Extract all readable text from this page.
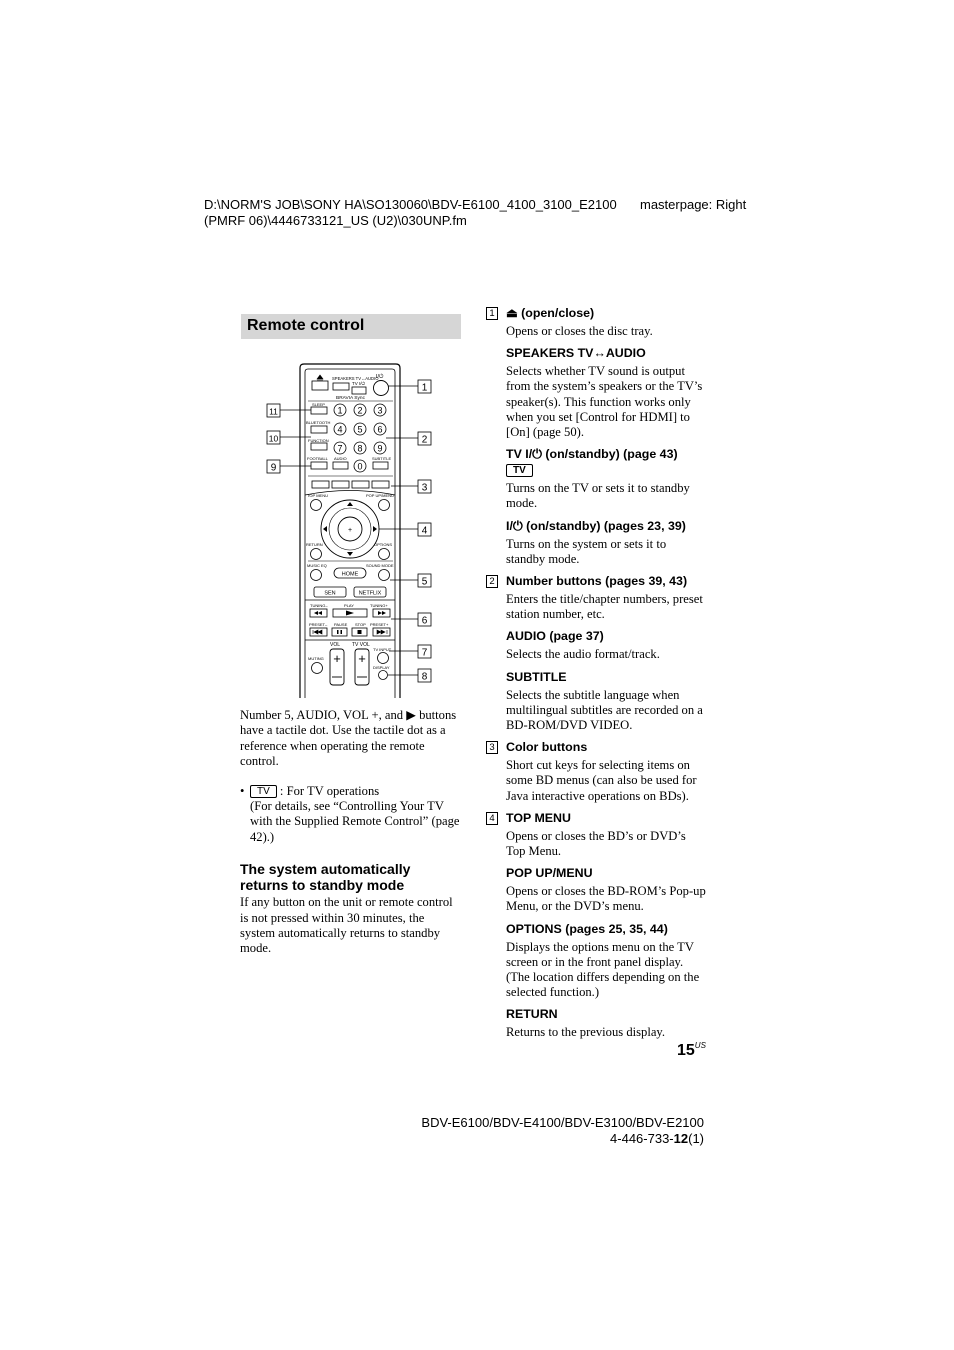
D:\NORM'S JOB\SONY HA\SO130060\BDV-E6100_4100_3100_E2100
(PMRF 06)\4446733121_US (U2)\030UNP.fm
masterpage: Right
Remote control
SPEAKERS TV↔AUDIO
TV I/⏻
I/⏻
BRAVIA Sync
SLEEP
BLUETOOTH
FUNCTION
FOOTBALL
1 2 3
4 5 6
7 8 9
0
AUDIO	SUBTITLE
TOP MENU	POP UP/MENU
+
RETURN	OPTIONS
MUSIC EQ	SOUND MODE
HOME
SEN	NETFLIX
TUNING–	PLAY	TUNING+
PRESET– PAUSE STOP PRESET+
VOL TV VOL
+ +
MUTING
TV INPUT
DISPLAY
1
2
3
4
5
6
7
8
9
10
11

Number 5, AUDIO, VOL +, and ▶ buttons have a tactile dot. Use the tactile dot as a reference when operating the remote control.

• TV : For TV operations
(For details, see “Controlling Your TV with the Supplied Remote Control” (page 42).)

The system automatically returns to standby mode

If any button on the unit or remote control is not pressed within 30 minutes, the system automatically returns to standby mode.

1 ⏏ (open/close)

Opens or closes the disc tray.

SPEAKERS TV↔AUDIO

Selects whether TV sound is output from the system’s speakers or the TV’s speaker(s). This function works only when you set [Control for HDMI] to [On] (page 50).

TV I/⏻ (on/standby) (page 43)

TV

Turns on the TV or sets it to standby mode.

I/⏻ (on/standby) (pages 23, 39)

Turns on the system or sets it to standby mode.

2 Number buttons (pages 39, 43)

Enters the title/chapter numbers, preset station number, etc.

AUDIO (page 37)

Selects the audio format/track.

SUBTITLE

Selects the subtitle language when multilingual subtitles are recorded on a BD-ROM/DVD VIDEO.

3 Color buttons

Short cut keys for selecting items on some BD menus (can also be used for Java interactive operations on BDs).

4 TOP MENU

Opens or closes the BD’s or DVD’s Top Menu.

POP UP/MENU

Opens or closes the BD-ROM’s Pop-up Menu, or the DVD’s menu.

OPTIONS (pages 25, 35, 44)

Displays the options menu on the TV screen or in the front panel display. (The location differs depending on the selected function.)

RETURN

Returns to the previous display.

$15^{US}$
BDV-E6100/BDV-E4100/BDV-E3100/BDV-E2100
4-446-733-12(1)
